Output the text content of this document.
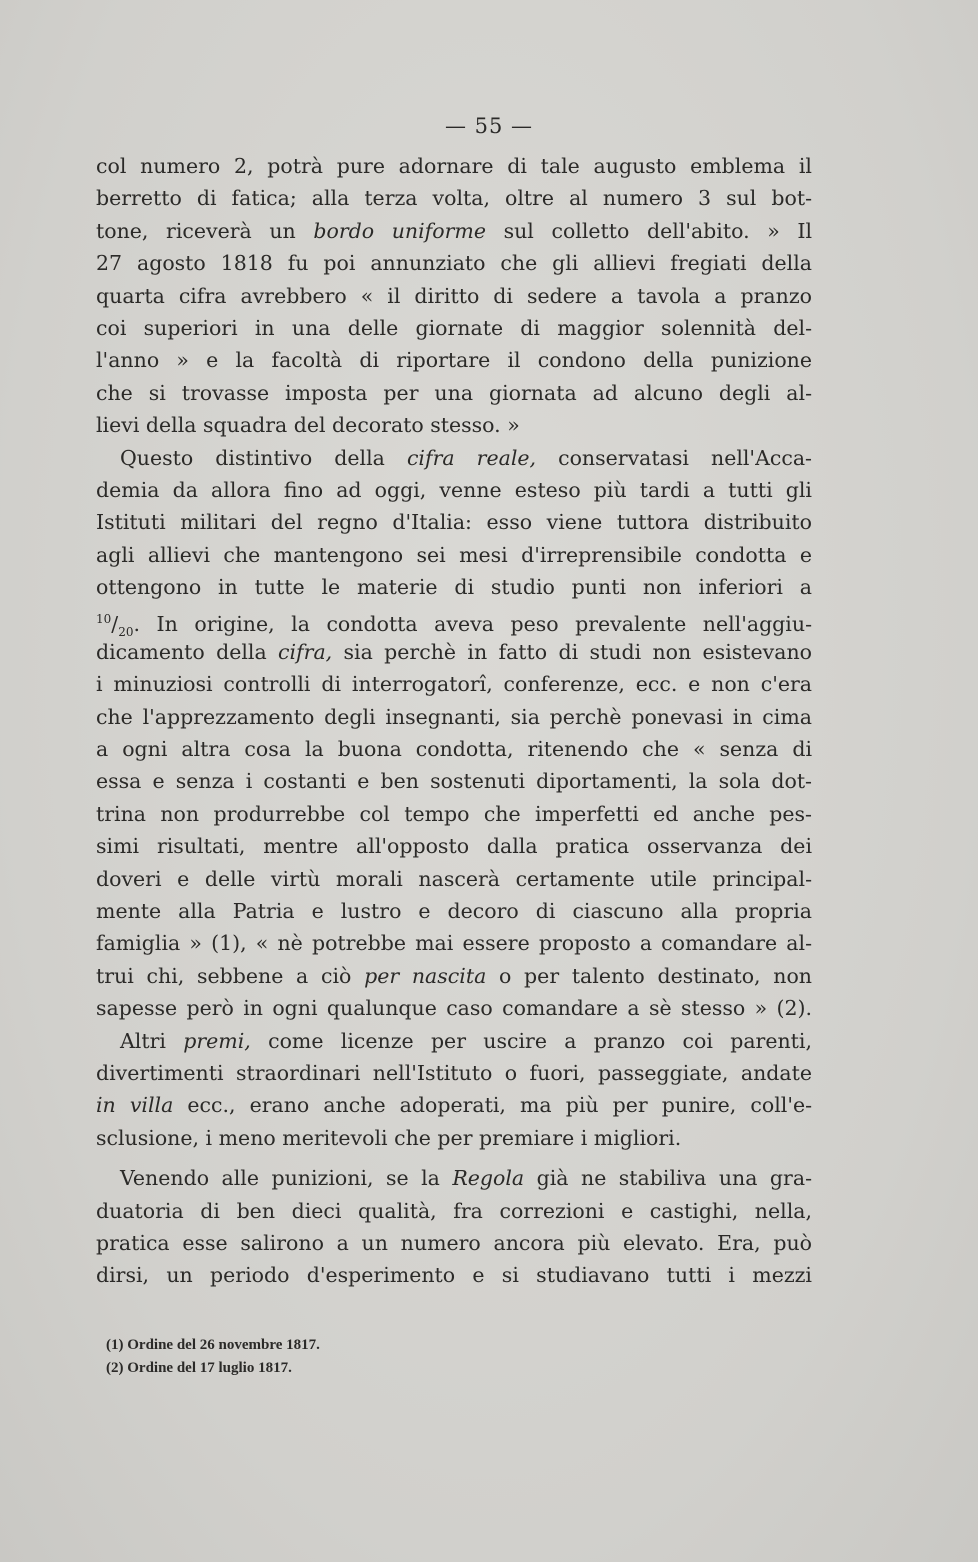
— 55 —
col numero 2, potrà pure adornare di tale augusto emblema il
berretto di fatica; alla terza volta, oltre al numero 3 sul bot-
tone, riceverà un bordo uniforme sul colletto dell'abito. » Il
27 agosto 1818 fu poi annunziato che gli allievi fregiati della
quarta cifra avrebbero « il diritto di sedere a tavola a pranzo
coi superiori in una delle giornate di maggior solennità del-
l'anno » e la facoltà di riportare il condono della punizione
che si trovasse imposta per una giornata ad alcuno degli al-
lievi della squadra del decorato stesso. »
Questo distintivo della cifra reale, conservatasi nell'Acca-
demia da allora fino ad oggi, venne esteso più tardi a tutti gli
Istituti militari del regno d'Italia: esso viene tuttora distribuito
agli allievi che mantengono sei mesi d'irreprensibile condotta e
ottengono in tutte le materie di studio punti non inferiori a
$^{10}/_{20}$. In origine, la condotta aveva peso prevalente nell'aggiu-
dicamento della cifra, sia perchè in fatto di studi non esistevano
i minuziosi controlli di interrogatorî, conferenze, ecc. e non c'era
che l'apprezzamento degli insegnanti, sia perchè ponevasi in cima
a ogni altra cosa la buona condotta, ritenendo che « senza di
essa e senza i costanti e ben sostenuti diportamenti, la sola dot-
trina non produrrebbe col tempo che imperfetti ed anche pes-
simi risultati, mentre all'opposto dalla pratica osservanza dei
doveri e delle virtù morali nascerà certamente utile principal-
mente alla Patria e lustro e decoro di ciascuno alla propria
famiglia » (1), « nè potrebbe mai essere proposto a comandare al-
trui chi, sebbene a ciò per nascita o per talento destinato, non
sapesse però in ogni qualunque caso comandare a sè stesso » (2).
Altri premi, come licenze per uscire a pranzo coi parenti,
divertimenti straordinari nell'Istituto o fuori, passeggiate, andate
in villa ecc., erano anche adoperati, ma più per punire, coll'e-
sclusione, i meno meritevoli che per premiare i migliori.
Venendo alle punizioni, se la Regola già ne stabiliva una gra-
duatoria di ben dieci qualità, fra correzioni e castighi, nella,
pratica esse salirono a un numero ancora più elevato. Era, può
dirsi, un periodo d'esperimento e si studiavano tutti i mezzi
(1) Ordine del 26 novembre 1817.
(2) Ordine del 17 luglio 1817.
